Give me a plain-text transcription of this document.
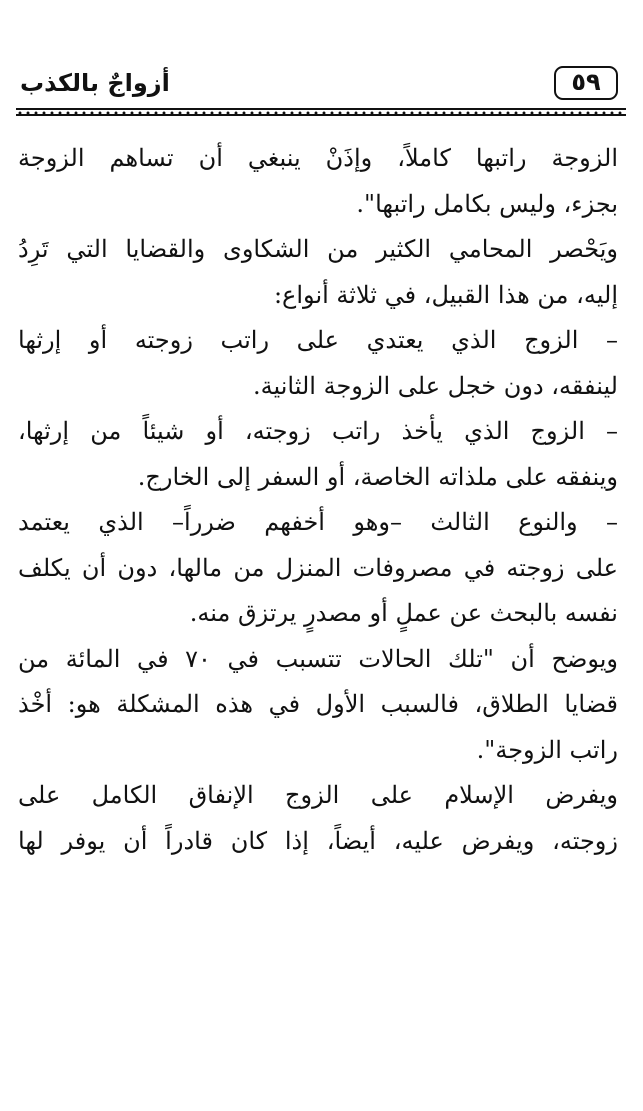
أزواجٌ بالكذب	٥٩
الزوجة راتبها كاملاً، وإذَنْ ينبغي أن تساهم الزوجة
بجزء، وليس بكامل راتبها".
ويَحْصر المحامي الكثير من الشكاوى والقضايا التي تَرِدُ
إليه، من هذا القبيل، في ثلاثة أنواع:
– الزوج الذي يعتدي على راتب زوجته أو إرثها
لينفقه، دون خجل على الزوجة الثانية.
– الزوج الذي يأخذ راتب زوجته، أو شيئاً من إرثها،
وينفقه على ملذاته الخاصة، أو السفر إلى الخارج.
– والنوع الثالث –وهو أخفهم ضرراً– الذي يعتمد
على زوجته في مصروفات المنزل من مالها، دون أن يكلف
نفسه بالبحث عن عملٍ أو مصدرٍ يرتزق منه.
ويوضح أن "تلك الحالات تتسبب في ٧٠ في المائة من
قضايا الطلاق، فالسبب الأول في هذه المشكلة هو: أخْذ
راتب الزوجة".
ويفرض الإسلام على الزوج الإنفاق الكامل على
زوجته، ويفرض عليه، أيضاً، إذا كان قادراً أن يوفر لها
